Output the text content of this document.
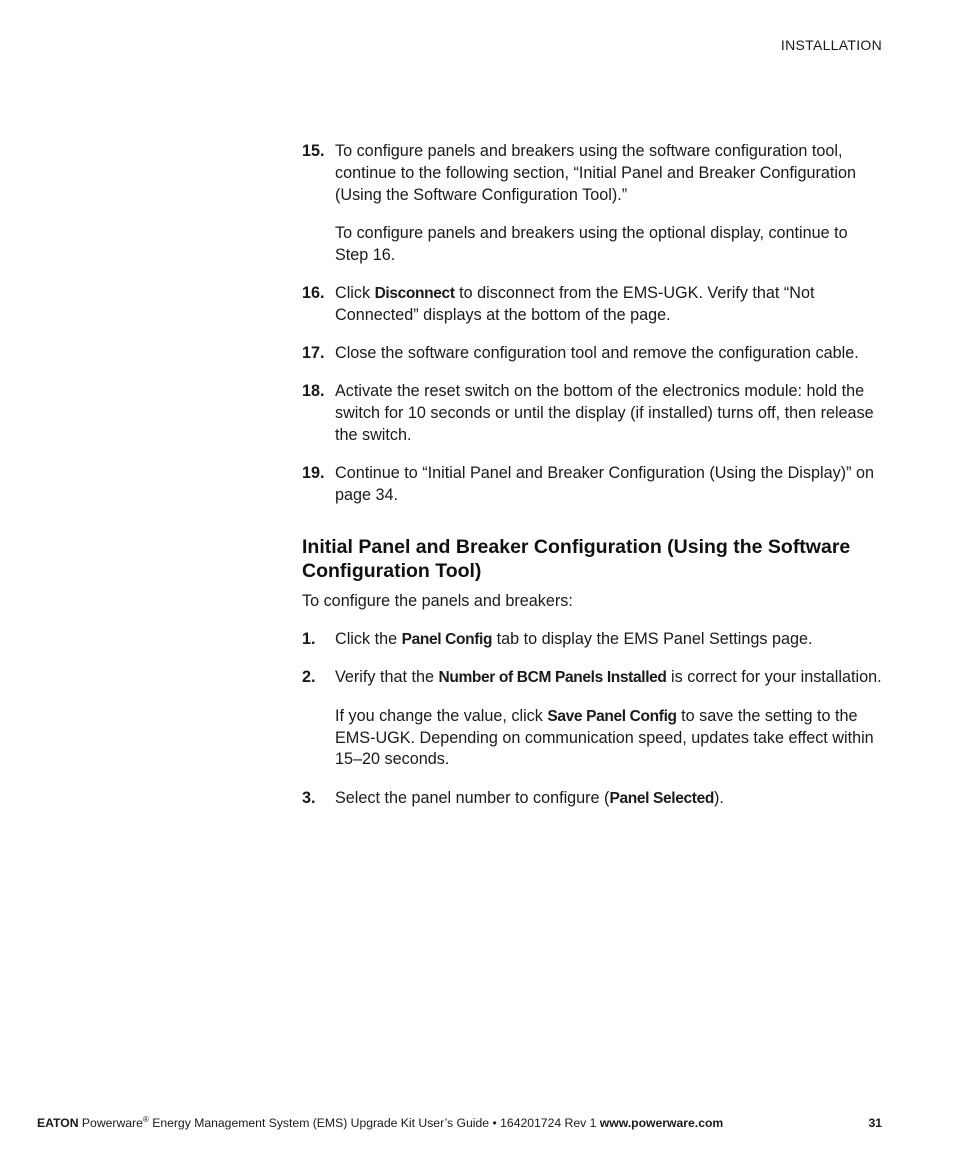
INSTALLATION
15. To configure panels and breakers using the software configuration tool, continue to the following section, “Initial Panel and Breaker Configuration (Using the Software Configuration Tool).”

To configure panels and breakers using the optional display, continue to Step 16.

16. Click Disconnect to disconnect from the EMS-UGK. Verify that “Not Connected” displays at the bottom of the page.

17. Close the software configuration tool and remove the configuration cable.

18. Activate the reset switch on the bottom of the electronics module: hold the switch for 10 seconds or until the display (if installed) turns off, then release the switch.

19. Continue to “Initial Panel and Breaker Configuration (Using the Display)” on page 34.

Initial Panel and Breaker Configuration (Using the Software Configuration Tool)

To configure the panels and breakers:

1. Click the Panel Config tab to display the EMS Panel Settings page.

2. Verify that the Number of BCM Panels Installed is correct for your installation.

If you change the value, click Save Panel Config to save the setting to the EMS-UGK. Depending on communication speed, updates take effect within 15–20 seconds.

3. Select the panel number to configure (Panel Selected).

EATON Powerware® Energy Management System (EMS) Upgrade Kit User’s Guide • 164201724 Rev 1 www.powerware.com	31
